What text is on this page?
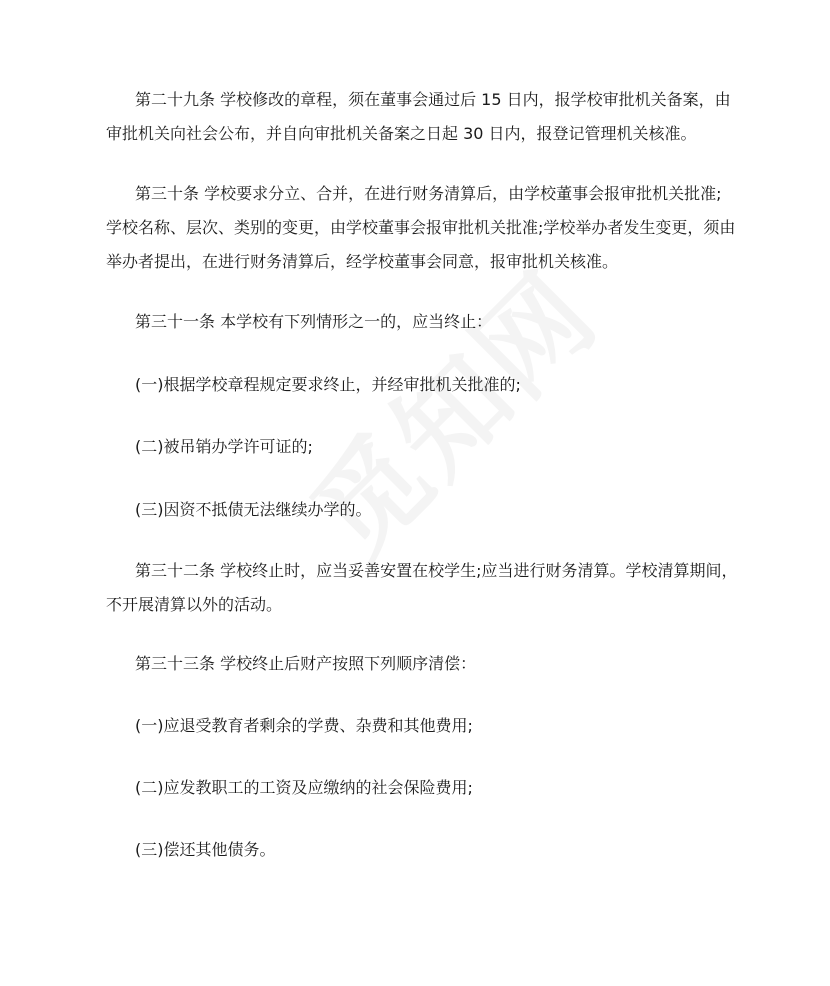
第二十九条 学校修改的章程，须在董事会通过后 15 日内，报学校审批机关备案，由
审批机关向社会公布，并自向审批机关备案之日起 30 日内，报登记管理机关核准。

第三十条 学校要求分立、合并，在进行财务清算后，由学校董事会报审批机关批准;
学校名称、层次、类别的变更，由学校董事会报审批机关批准;学校举办者发生变更，须由
举办者提出，在进行财务清算后，经学校董事会同意，报审批机关核准。

第三十一条 本学校有下列情形之一的，应当终止：

(一)根据学校章程规定要求终止，并经审批机关批准的;

(二)被吊销办学许可证的;

(三)因资不抵债无法继续办学的。

第三十二条 学校终止时，应当妥善安置在校学生;应当进行财务清算。学校清算期间，
不开展清算以外的活动。

第三十三条 学校终止后财产按照下列顺序清偿：

(一)应退受教育者剩余的学费、杂费和其他费用;

(二)应发教职工的工资及应缴纳的社会保险费用;

(三)偿还其他债务。
